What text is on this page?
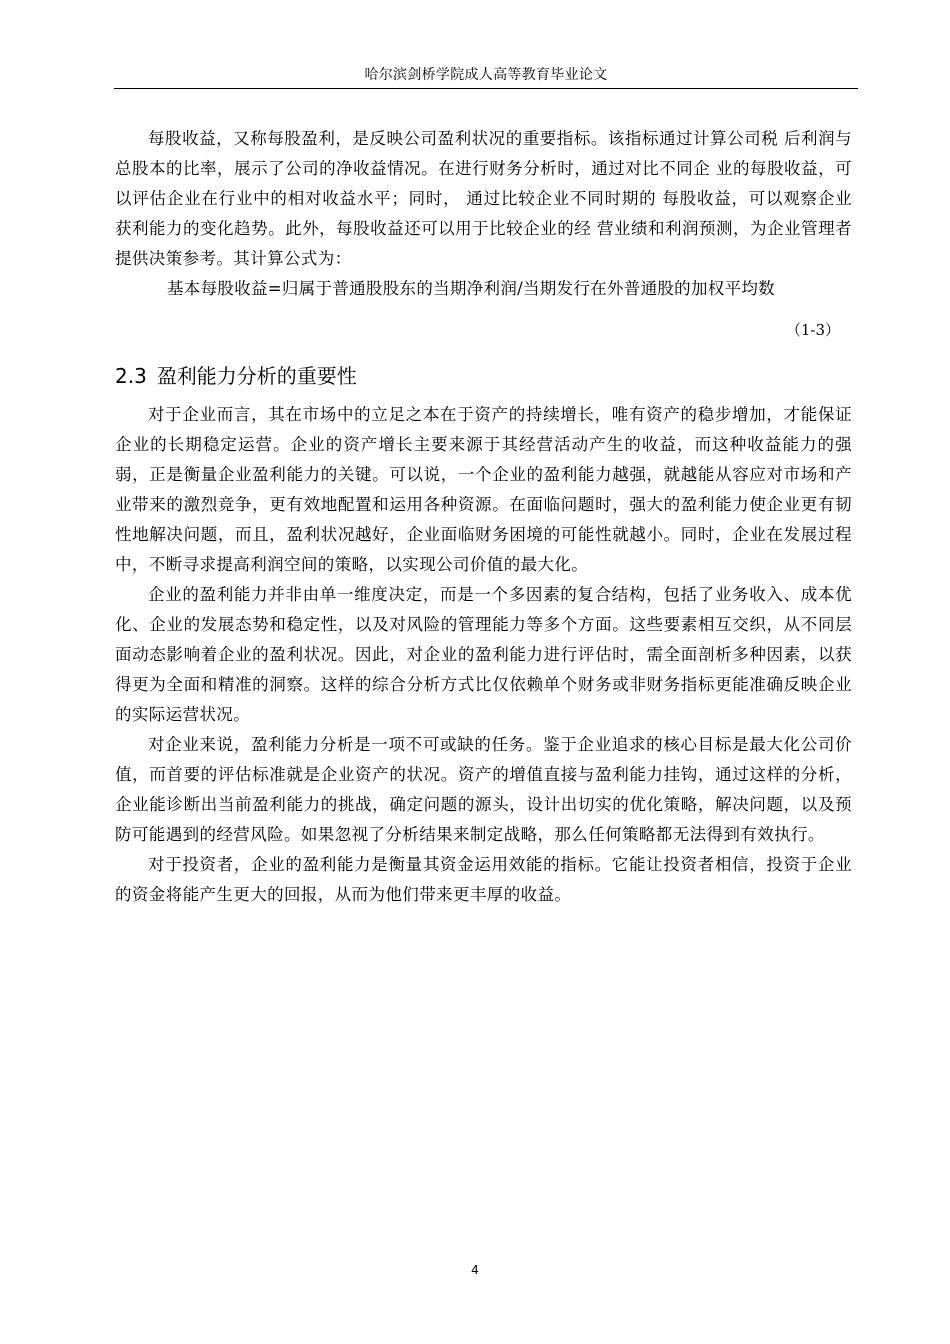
哈尔滨剑桥学院成人高等教育毕业论文

每股收益，又称每股盈利，是反映公司盈利状况的重要指标。该指标通过计算公司税 后利润与总股本的比率，展示了公司的净收益情况。在进行财务分析时，通过对比不同企 业的每股收益，可以评估企业在行业中的相对收益水平；同时， 通过比较企业不同时期的 每股收益，可以观察企业获利能力的变化趋势。此外，每股收益还可以用于比较企业的经 营业绩和利润预测，为企业管理者提供决策参考。其计算公式为：

基本每股收益=归属于普通股股东的当期净利润/当期发行在外普通股的加权平均数

（1-3）

2.3 盈利能力分析的重要性

对于企业而言，其在市场中的立足之本在于资产的持续增长，唯有资产的稳步增加，才能保证企业的长期稳定运营。企业的资产增长主要来源于其经营活动产生的收益，而这种收益能力的强弱，正是衡量企业盈利能力的关键。可以说，一个企业的盈利能力越强，就越能从容应对市场和产业带来的激烈竞争，更有效地配置和运用各种资源。在面临问题时，强大的盈利能力使企业更有韧性地解决问题，而且，盈利状况越好，企业面临财务困境的可能性就越小。同时，企业在发展过程中，不断寻求提高利润空间的策略，以实现公司价值的最大化。

企业的盈利能力并非由单一维度决定，而是一个多因素的复合结构，包括了业务收入、成本优化、企业的发展态势和稳定性，以及对风险的管理能力等多个方面。这些要素相互交织，从不同层面动态影响着企业的盈利状况。因此，对企业的盈利能力进行评估时，需全面剖析多种因素，以获得更为全面和精准的洞察。这样的综合分析方式比仅依赖单个财务或非财务指标更能准确反映企业的实际运营状况。

对企业来说，盈利能力分析是一项不可或缺的任务。鉴于企业追求的核心目标是最大化公司价值，而首要的评估标准就是企业资产的状况。资产的增值直接与盈利能力挂钩，通过这样的分析，企业能诊断出当前盈利能力的挑战，确定问题的源头，设计出切实的优化策略，解决问题，以及预防可能遇到的经营风险。如果忽视了分析结果来制定战略，那么任何策略都无法得到有效执行。

对于投资者，企业的盈利能力是衡量其资金运用效能的指标。它能让投资者相信，投资于企业的资金将能产生更大的回报，从而为他们带来更丰厚的收益。

4
